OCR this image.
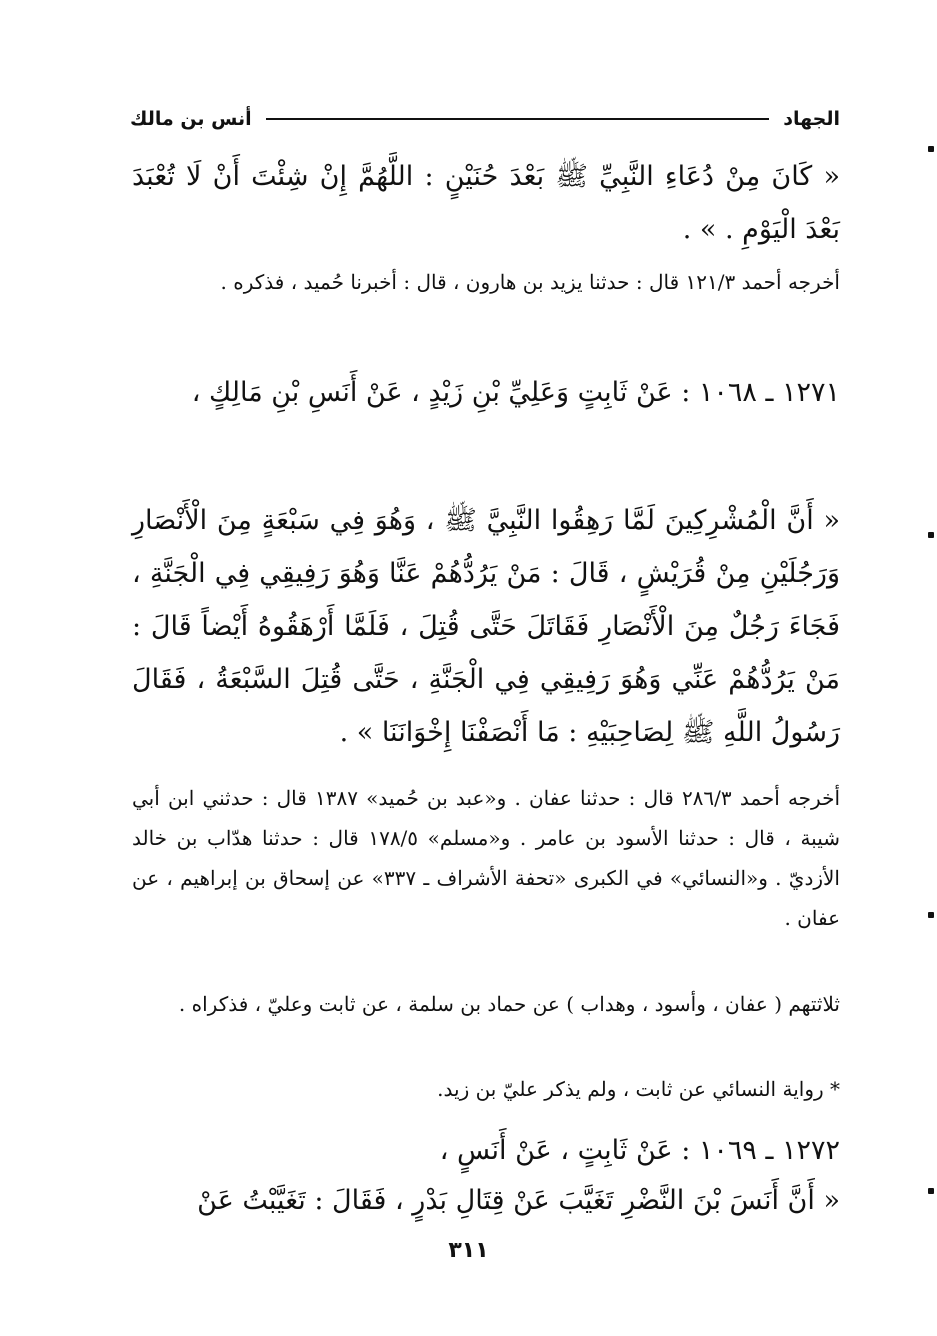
الجهاد
أنس بن مالك
« كَانَ مِنْ دُعَاءِ النَّبِيِّ ﷺ بَعْدَ حُنَيْنٍ : اللَّهُمَّ إِنْ شِئْتَ أَنْ لَا تُعْبَدَ بَعْدَ الْيَوْمِ . » .
أخرجه أحمد ١٢١/٣ قال : حدثنا يزيد بن هارون ، قال : أخبرنا حُميد ، فذكره .
١٢٧١ ـ ١٠٦٨ : عَنْ ثَابِتٍ وَعَلِيِّ بْنِ زَيْدٍ ، عَنْ أَنَسِ بْنِ مَالِكٍ ،
« أَنَّ الْمُشْرِكِينَ لَمَّا رَهِقُوا النَّبِيَّ ﷺ ، وَهُوَ فِي سَبْعَةٍ مِنَ الْأَنْصَارِ وَرَجُلَيْنِ مِنْ قُرَيْشٍ ، قَالَ : مَنْ يَرُدُّهُمْ عَنَّا وَهُوَ رَفِيقِي فِي الْجَنَّةِ ، فَجَاءَ رَجُلٌ مِنَ الْأَنْصَارِ فَقَاتَلَ حَتَّى قُتِلَ ، فَلَمَّا أَرْهَقُوهُ أَيْضاً قَالَ : مَنْ يَرُدُّهُمْ عَنِّي وَهُوَ رَفِيقِي فِي الْجَنَّةِ ، حَتَّى قُتِلَ السَّبْعَةُ ، فَقَالَ رَسُولُ اللَّهِ ﷺ لِصَاحِبَيْهِ : مَا أَنْصَفْنَا إِخْوَانَنَا » .
أخرجه أحمد ٢٨٦/٣ قال : حدثنا عفان . و«عبد بن حُميد» ١٣٨٧ قال : حدثني ابن أبي شيبة ، قال : حدثنا الأسود بن عامر . و«مسلم» ١٧٨/٥ قال : حدثنا هدّاب بن خالد الأزديّ . و«النسائي» في الكبرى «تحفة الأشراف ـ ٣٣٧» عن إسحاق بن إبراهيم ، عن عفان .
ثلاثتهم ( عفان ، وأسود ، وهداب ) عن حماد بن سلمة ، عن ثابت وعليّ ، فذكراه .
* رواية النسائي عن ثابت ، ولم يذكر عليّ بن زيد.
١٢٧٢ ـ ١٠٦٩ : عَنْ ثَابِتٍ ، عَنْ أَنَسٍ ،
« أَنَّ أَنَسَ بْنَ النَّضْرِ تَغَيَّبَ عَنْ قِتَالِ بَدْرٍ ، فَقَالَ : تَغَيَّبْتُ عَنْ
٣١١
